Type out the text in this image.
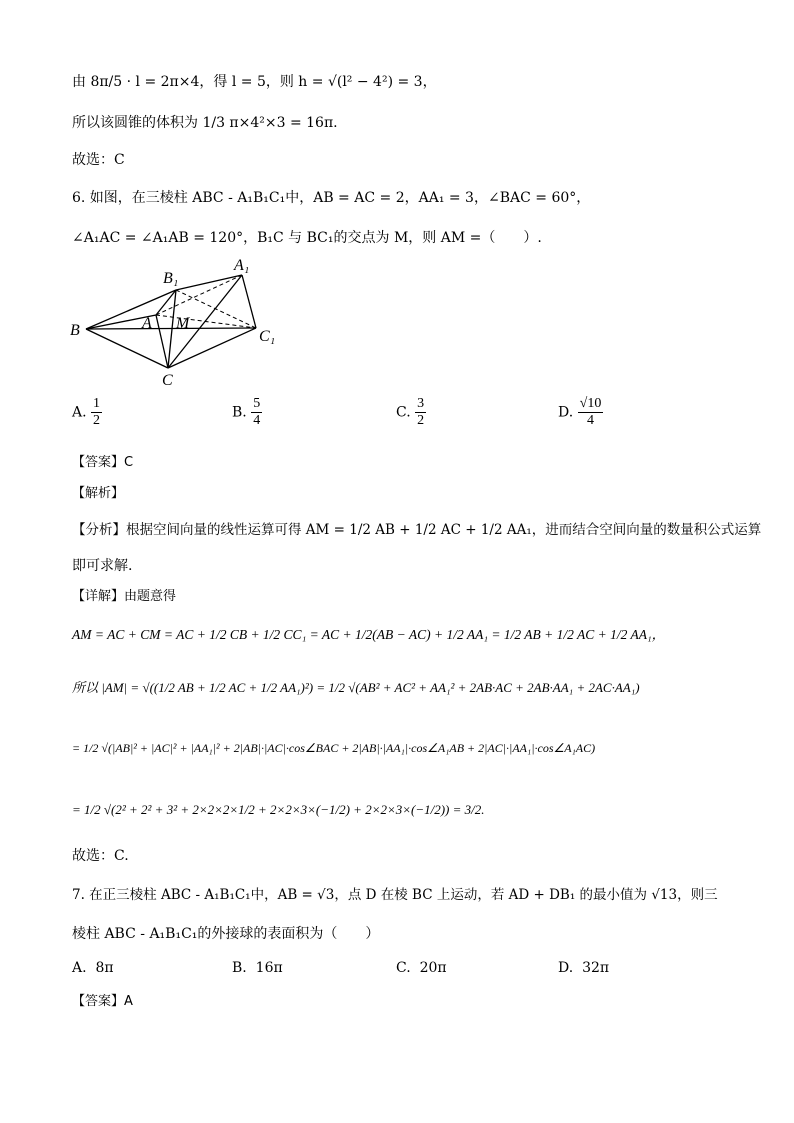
由 8π/5 · l = 2π×4，得 l = 5，则 h = √(l² − 4²) = 3，
所以该圆锥的体积为 1/3 π×4²×3 = 16π.
故选：C
6. 如图，在三棱柱 ABC - A₁B₁C₁中，AB = AC = 2，AA₁ = 3，∠BAC = 60°，
∠A₁AC = ∠A₁AB = 120°，B₁C 与 BC₁的交点为 M，则 AM =（　　）.
B₁
A₁
B	A M
C₁
C
A. $\frac{1}{2}$	B. $\frac{5}{4}$	C. $\frac{3}{2}$	D. $\frac{√10}{4}$
【答案】C
【解析】
【分析】根据空间向量的线性运算可得 AM = 1/2 AB + 1/2 AC + 1/2 AA₁，进而结合空间向量的数量积公式运算
即可求解.
【详解】由题意得
AM = AC + CM = AC + 1/2 CB + 1/2 CC₁ = AC + 1/2(AB − AC) + 1/2 AA₁ = 1/2 AB + 1/2 AC + 1/2 AA₁，
所以 |AM| = √((1/2 AB + 1/2 AC + 1/2 AA₁)²) = 1/2 √(AB² + AC² + AA₁² + 2AB·AC + 2AB·AA₁ + 2AC·AA₁)
= 1/2 √(|AB|² + |AC|² + |AA₁|² + 2|AB|·|AC|·cos∠BAC + 2|AB|·|AA₁|·cos∠A₁AB + 2|AC|·|AA₁|·cos∠A₁AC)
= 1/2 √(2² + 2² + 3² + 2×2×2×1/2 + 2×2×3×(−1/2) + 2×2×3×(−1/2)) = 3/2.
故选：C.
7. 在正三棱柱 ABC - A₁B₁C₁中，AB = √3，点 D 在棱 BC 上运动，若 AD + DB₁ 的最小值为 √13，则三
棱柱 ABC - A₁B₁C₁的外接球的表面积为（　　）
A. 8π	B. 16π	C. 20π	D. 32π
【答案】A
